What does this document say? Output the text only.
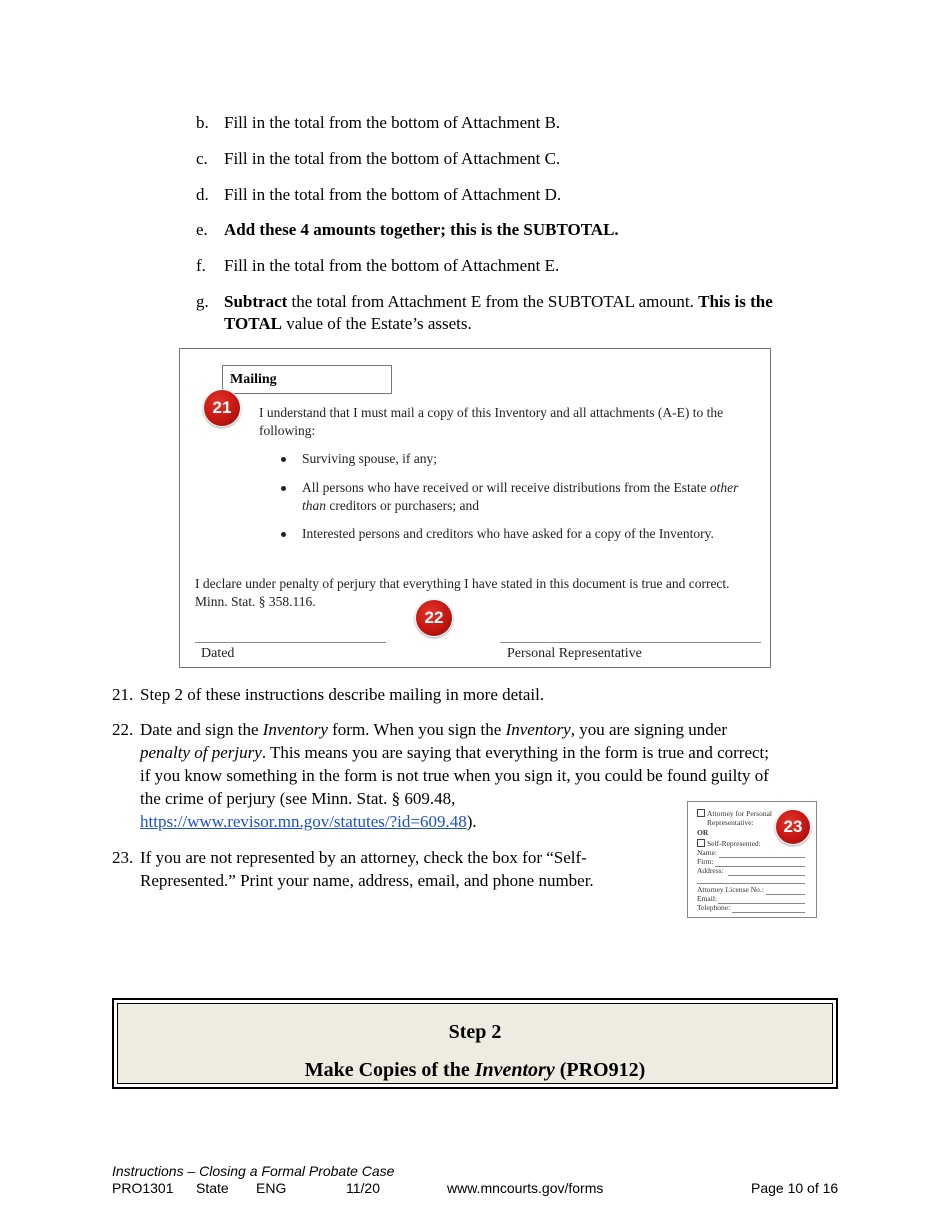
b. Fill in the total from the bottom of Attachment B.
c. Fill in the total from the bottom of Attachment C.
d. Fill in the total from the bottom of Attachment D.
e. Add these 4 amounts together; this is the SUBTOTAL.
f.	Fill in the total from the bottom of Attachment E.
g. Subtract the total from Attachment E from the SUBTOTAL amount. This is the TOTAL value of the Estate’s assets.
Mailing
21	I understand that I must mail a copy of this Inventory and all attachments (A-E) to the following:
Surviving spouse, if any;
All persons who have received or will receive distributions from the Estate other than creditors or purchasers; and
Interested persons and creditors who have asked for a copy of the Inventory.
I declare under penalty of perjury that everything I have stated in this document is true and correct. Minn. Stat. § 358.116.
22
Dated	Personal Representative
21. Step 2 of these instructions describe mailing in more detail.
22. Date and sign the Inventory form. When you sign the Inventory, you are signing under
penalty of perjury. This means you are saying that everything in the form is true and correct;
if you know something in the form is not true when you sign it, you could be found guilty of
the crime of perjury (see Minn. Stat. § 609.48,
https://www.revisor.mn.gov/statutes/?id=609.48).
23. If you are not represented by an attorney, check the box for “Self-
Represented.” Print your name, address, email, and phone number.
Attorney for Personal
Representative:
OR
Self-Represented:
Name:
Firm:
Address:
Attorney License No.:
Email:
Telephone:
23
Step 2
Make Copies of the Inventory (PRO912)
Instructions – Closing a Formal Probate Case
PRO1301 State ENG	11/20	www.mncourts.gov/forms	Page 10 of 16
